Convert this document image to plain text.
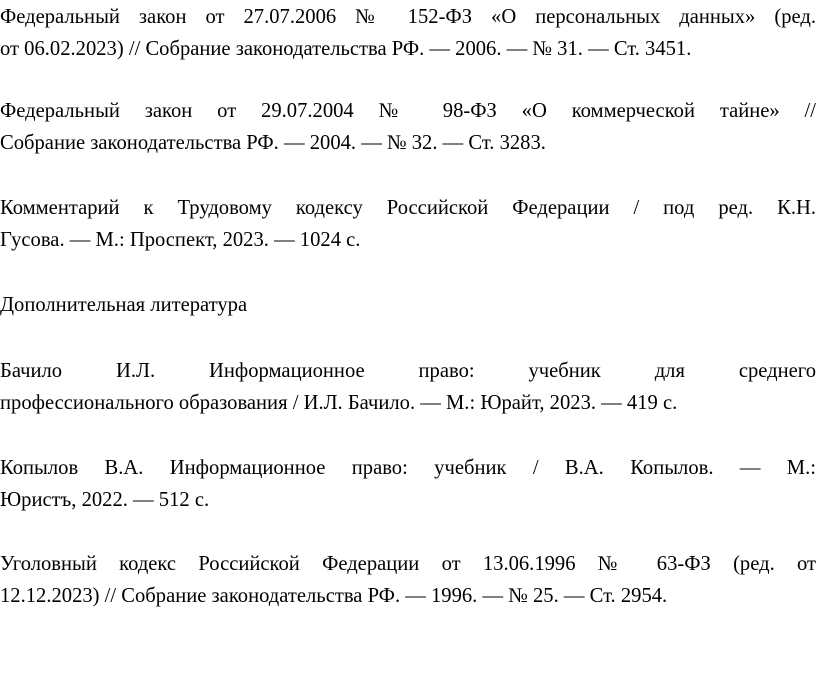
Федеральный закон от 27.07.2006 № 152-ФЗ «О персональных данных» (ред.
от 06.02.2023) // Собрание законодательства РФ. — 2006. — № 31. — Ст. 3451.

Федеральный закон от 29.07.2004 № 98-ФЗ «О коммерческой тайне» //
Собрание законодательства РФ. — 2004. — № 32. — Ст. 3283.

Комментарий к Трудовому кодексу Российской Федерации / под ред. К.Н.
Гусова. — М.: Проспект, 2023. — 1024 с.

Дополнительная литература

Бачило И.Л. Информационное право: учебник для среднего
профессионального образования / И.Л. Бачило. — М.: Юрайт, 2023. — 419 с.

Копылов В.А. Информационное право: учебник / В.А. Копылов. — М.:
Юристъ, 2022. — 512 с.

Уголовный кодекс Российской Федерации от 13.06.1996 № 63-ФЗ (ред. от
12.12.2023) // Собрание законодательства РФ. — 1996. — № 25. — Ст. 2954.
